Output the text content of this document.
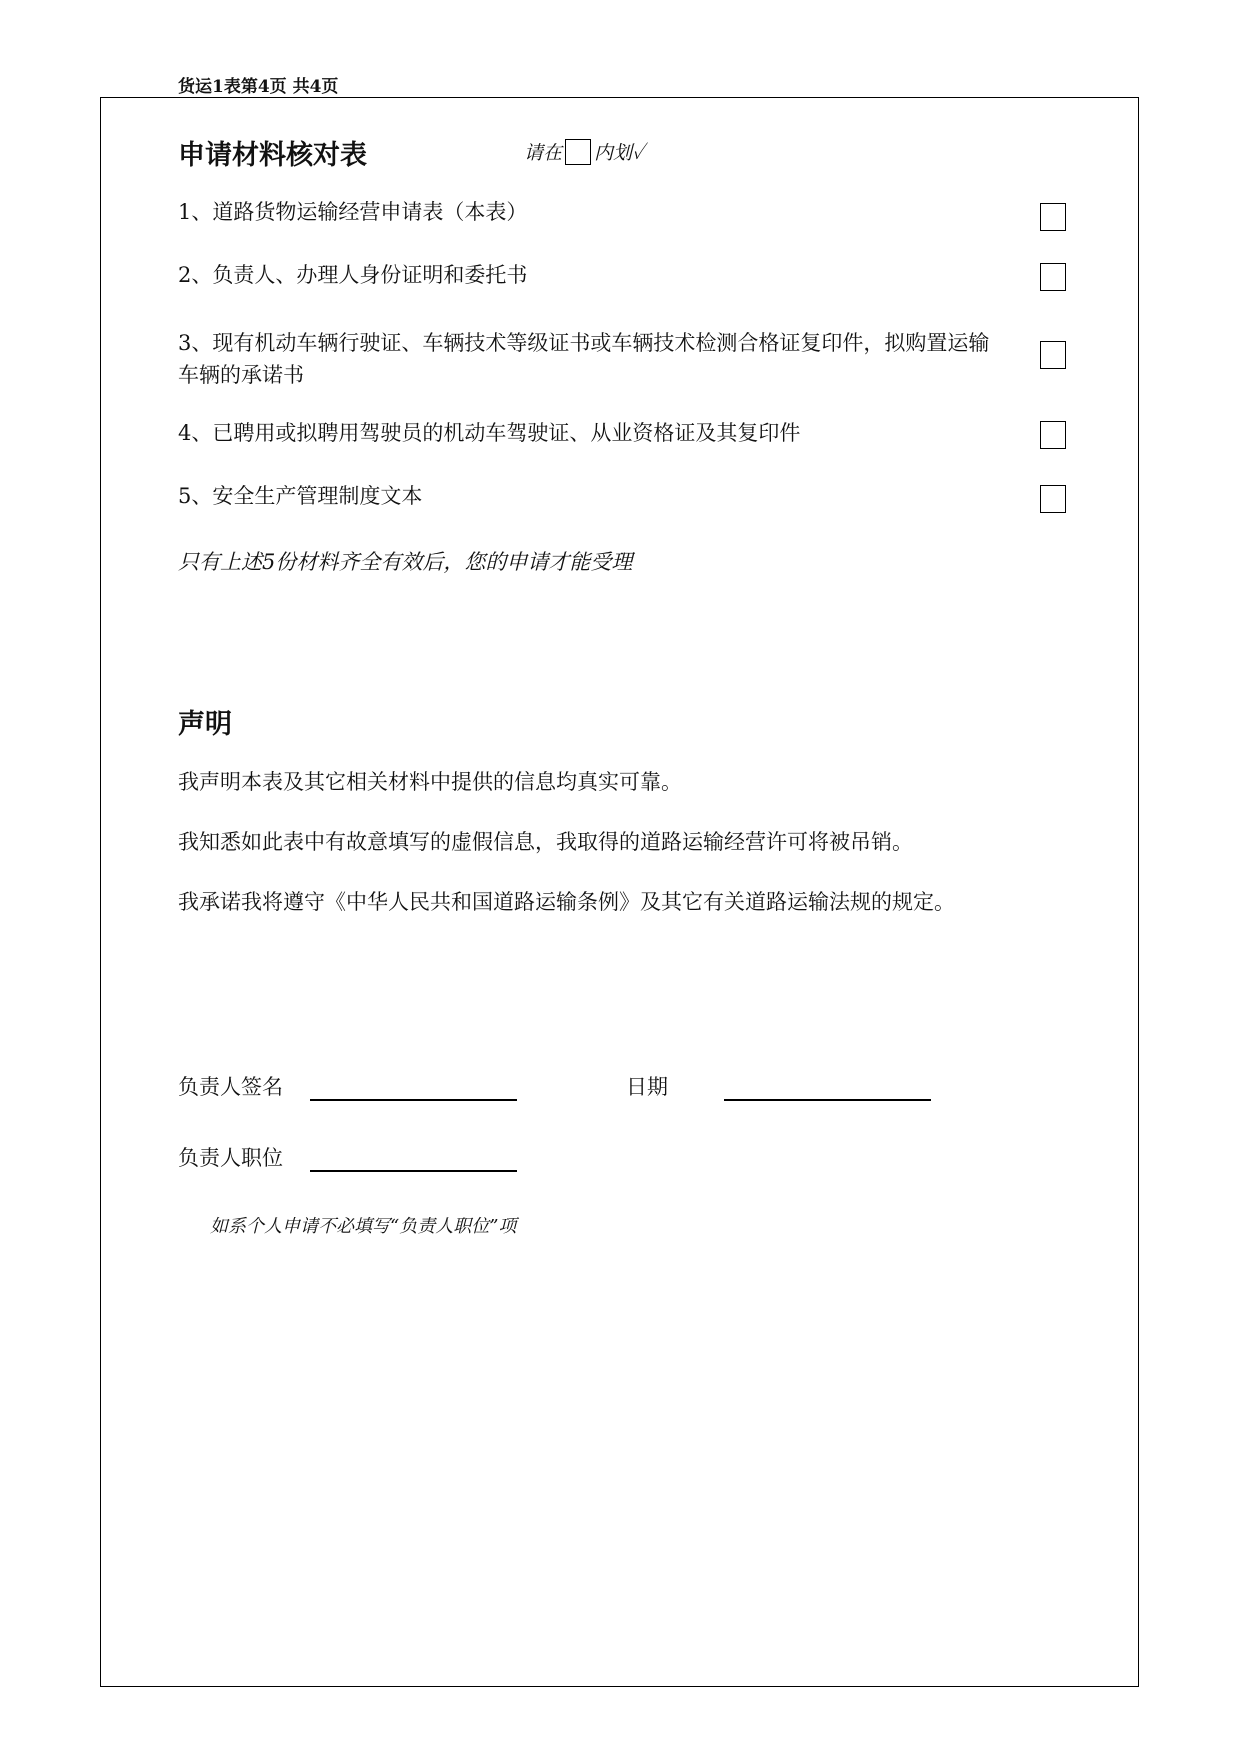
货运1表第4页 共4页
申请材料核对表	请在 内划✓
1、道路货物运输经营申请表（本表）
2、负责人、办理人身份证明和委托书
3、现有机动车辆行驶证、车辆技术等级证书或车辆技术检测合格证复印件，拟购置运输车辆的承诺书
4、已聘用或拟聘用驾驶员的机动车驾驶证、从业资格证及其复印件
5、安全生产管理制度文本
只有上述5份材料齐全有效后，您的申请才能受理
声明
我声明本表及其它相关材料中提供的信息均真实可靠。
我知悉如此表中有故意填写的虚假信息，我取得的道路运输经营许可将被吊销。
我承诺我将遵守《中华人民共和国道路运输条例》及其它有关道路运输法规的规定。
负责人签名	日期
负责人职位
如系个人申请不必填写“负责人职位”项
